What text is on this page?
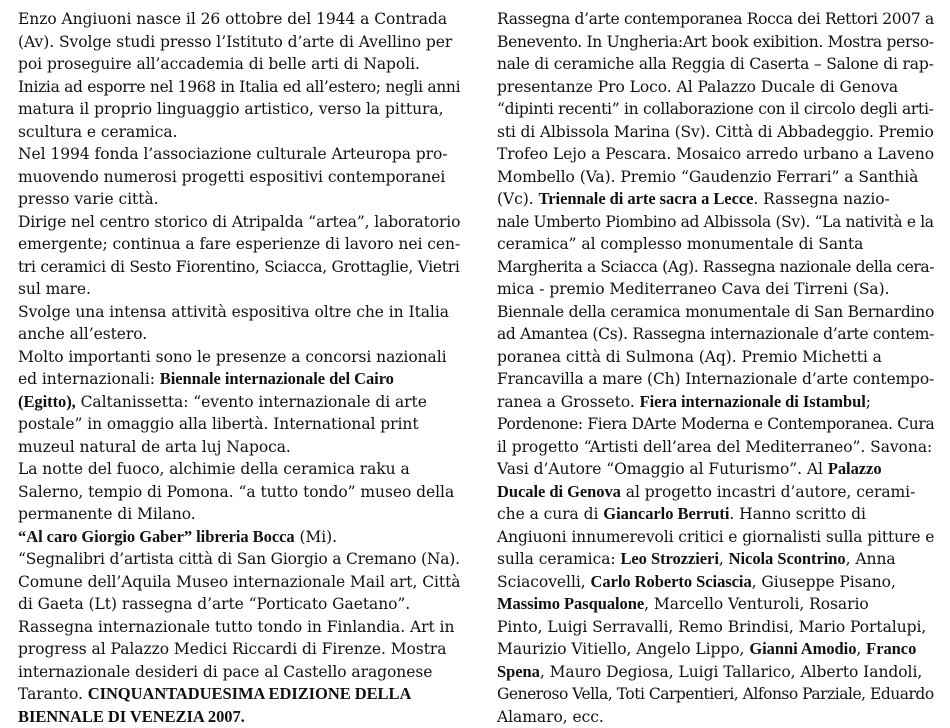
Enzo Angiuoni nasce il 26 ottobre del 1944 a Contrada
(Av). Svolge studi presso l’Istituto d’arte di Avellino per
poi proseguire all’accademia di belle arti di Napoli.
Inizia ad esporre nel 1968 in Italia ed all’estero; negli anni
matura il proprio linguaggio artistico, verso la pittura,
scultura e ceramica.
Nel 1994 fonda l’associazione culturale Arteuropa pro-
muovendo numerosi progetti espositivi contemporanei
presso varie città.
Dirige nel centro storico di Atripalda “artea”, laboratorio
emergente; continua a fare esperienze di lavoro nei cen-
tri ceramici di Sesto Fiorentino, Sciacca, Grottaglie, Vietri
sul mare.
Svolge una intensa attività espositiva oltre che in Italia
anche all’estero.
Molto importanti sono le presenze a concorsi nazionali
ed internazionali: Biennale internazionale del Cairo
(Egitto), Caltanissetta: “evento internazionale di arte
postale” in omaggio alla libertà. International print
muzeul natural de arta luj Napoca.
La notte del fuoco, alchimie della ceramica raku a
Salerno, tempio di Pomona. “a tutto tondo” museo della
permanente di Milano.
“Al caro Giorgio Gaber” libreria Bocca (Mi).
“Segnalibri d’artista città di San Giorgio a Cremano (Na).
Comune dell’Aquila Museo internazionale Mail art, Città
di Gaeta (Lt) rassegna d’arte “Porticato Gaetano”.
Rassegna internazionale tutto tondo in Finlandia. Art in
progress al Palazzo Medici Riccardi di Firenze. Mostra
internazionale desideri di pace al Castello aragonese
Taranto. CINQUANTADUESIMA EDIZIONE DELLA
BIENNALE DI VENEZIA 2007.
Rassegna d’arte contemporanea Rocca dei Rettori 2007 a
Benevento. In Ungheria:Art book exibition. Mostra perso-
nale di ceramiche alla Reggia di Caserta – Salone di rap-
presentanze Pro Loco. Al Palazzo Ducale di Genova
“dipinti recenti” in collaborazione con il circolo degli arti-
sti di Albissola Marina (Sv). Città di Abbadeggio. Premio
Trofeo Lejo a Pescara. Mosaico arredo urbano a Laveno
Mombello (Va). Premio “Gaudenzio Ferrari” a Santhià
(Vc). Triennale di arte sacra a Lecce. Rassegna nazio-
nale Umberto Piombino ad Albissola (Sv). “La natività e la
ceramica” al complesso monumentale di Santa
Margherita a Sciacca (Ag). Rassegna nazionale della cera-
mica - premio Mediterraneo Cava dei Tirreni (Sa).
Biennale della ceramica monumentale di San Bernardino
ad Amantea (Cs). Rassegna internazionale d’arte contem-
poranea città di Sulmona (Aq). Premio Michetti a
Francavilla a mare (Ch) Internazionale d’arte contempo-
ranea a Grosseto. Fiera internazionale di Istambul;
Pordenone: Fiera DArte Moderna e Contemporanea. Cura
il progetto “Artisti dell’area del Mediterraneo”. Savona:
Vasi d’Autore “Omaggio al Futurismo”. Al Palazzo
Ducale di Genova al progetto incastri d’autore, cerami-
che a cura di Giancarlo Berruti. Hanno scritto di
Angiuoni innumerevoli critici e giornalisti sulla pitture e
sulla ceramica: Leo Strozzieri, Nicola Scontrino, Anna
Sciacovelli, Carlo Roberto Sciascia, Giuseppe Pisano,
Massimo Pasqualone, Marcello Venturoli, Rosario
Pinto, Luigi Serravalli, Remo Brindisi, Mario Portalupi,
Maurizio Vitiello, Angelo Lippo, Gianni Amodio, Franco
Spena, Mauro Degiosa, Luigi Tallarico, Alberto Iandoli,
Generoso Vella, Toti Carpentieri, Alfonso Parziale, Eduardo
Alamaro, ecc.
